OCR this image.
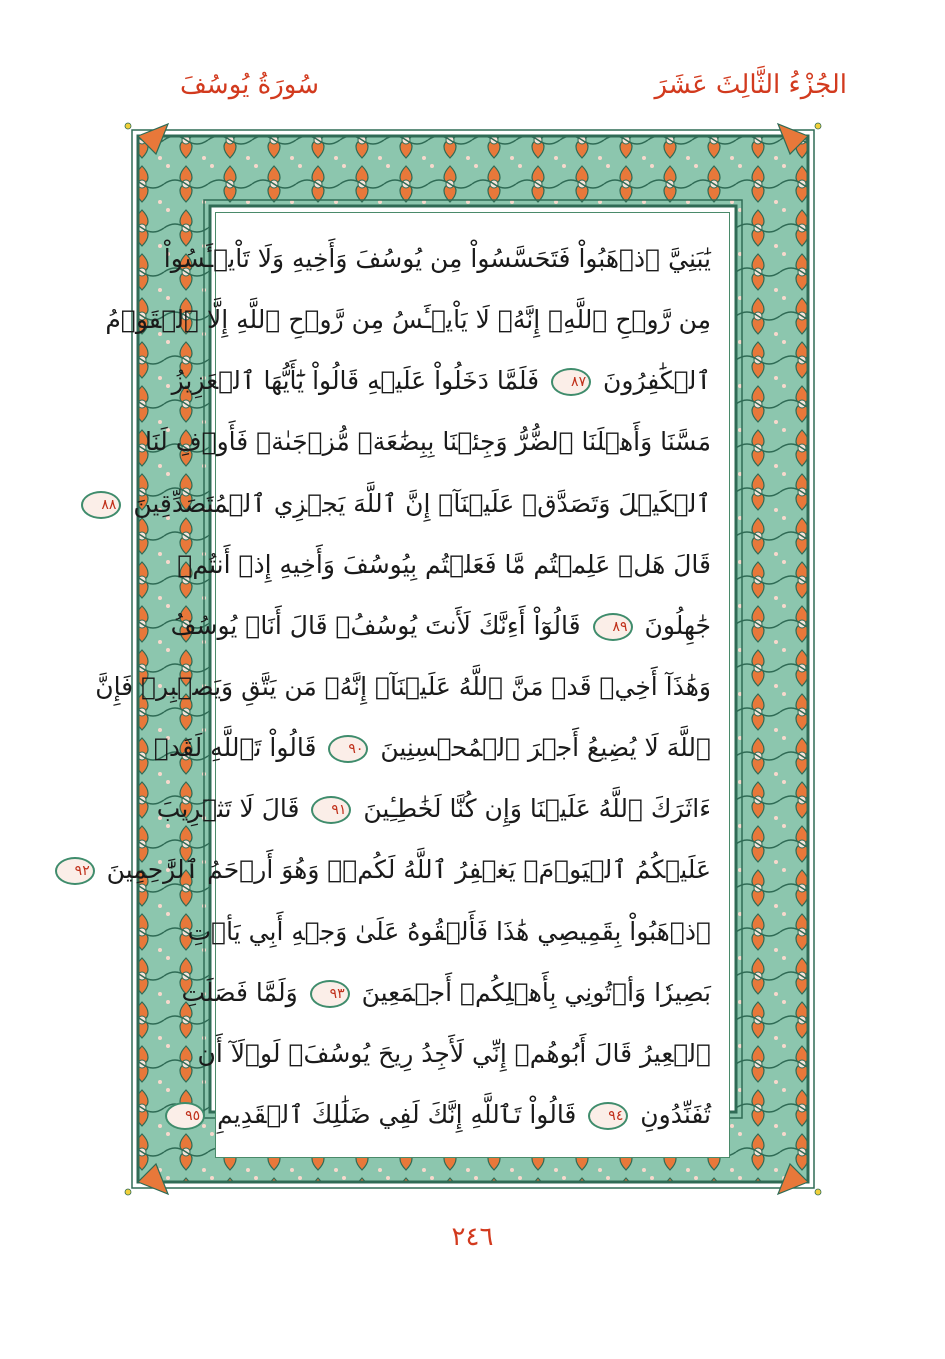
سُورَةُ يُوسُفَ	الجُزْءُ الثَّالِثَ عَشَرَ
يَٰبَنِيَّ ٱذۡهَبُواْ فَتَحَسَّسُواْ مِن يُوسُفَ وَأَخِيهِ وَلَا تَاْيۡـَٔسُواْ
مِن رَّوۡحِ ٱللَّهِۖ إِنَّهُۥ لَا يَاْيۡـَٔسُ مِن رَّوۡحِ ٱللَّهِ إِلَّا ٱلۡقَوۡمُ
ٱلۡكَٰفِرُونَ ٨٧ فَلَمَّا دَخَلُواْ عَلَيۡهِ قَالُواْ يَٰٓأَيُّهَا ٱلۡعَزِيزُ
مَسَّنَا وَأَهۡلَنَا ٱلضُّرُّ وَجِئۡنَا بِبِضَٰعَةٖ مُّزۡجَىٰةٖ فَأَوۡفِ لَنَا
ٱلۡكَيۡلَ وَتَصَدَّقۡ عَلَيۡنَآۖ إِنَّ ٱللَّهَ يَجۡزِي ٱلۡمُتَصَدِّقِينَ ٨٨
قَالَ هَلۡ عَلِمۡتُم مَّا فَعَلۡتُم بِيُوسُفَ وَأَخِيهِ إِذۡ أَنتُمۡ
جَٰهِلُونَ ٨٩ قَالُوٓاْ أَءِنَّكَ لَأَنتَ يُوسُفُۖ قَالَ أَنَا۠ يُوسُفُ
وَهَٰذَآ أَخِيۖ قَدۡ مَنَّ ٱللَّهُ عَلَيۡنَآۖ إِنَّهُۥ مَن يَتَّقِ وَيَصۡبِرۡ فَإِنَّ
ٱللَّهَ لَا يُضِيعُ أَجۡرَ ٱلۡمُحۡسِنِينَ ٩٠ قَالُواْ تَٱللَّهِ لَقَدۡ
ءَاثَرَكَ ٱللَّهُ عَلَيۡنَا وَإِن كُنَّا لَخَٰطِـِٔينَ ٩١ قَالَ لَا تَثۡرِيبَ
عَلَيۡكُمُ ٱلۡيَوۡمَۖ يَغۡفِرُ ٱللَّهُ لَكُمۡۖ وَهُوَ أَرۡحَمُ ٱلرَّٰحِمِينَ ٩٢
ٱذۡهَبُواْ بِقَمِيصِي هَٰذَا فَأَلۡقُوهُ عَلَىٰ وَجۡهِ أَبِي يَأۡتِ
بَصِيرٗا وَأۡتُونِي بِأَهۡلِكُمۡ أَجۡمَعِينَ ٩٣ وَلَمَّا فَصَلَتِ
ٱلۡعِيرُ قَالَ أَبُوهُمۡ إِنِّي لَأَجِدُ رِيحَ يُوسُفَۖ لَوۡلَآ أَن
تُفَنِّدُونِ ٩٤ قَالُواْ تَٱللَّهِ إِنَّكَ لَفِي ضَلَٰلِكَ ٱلۡقَدِيمِ ٩٥
٢٤٦
